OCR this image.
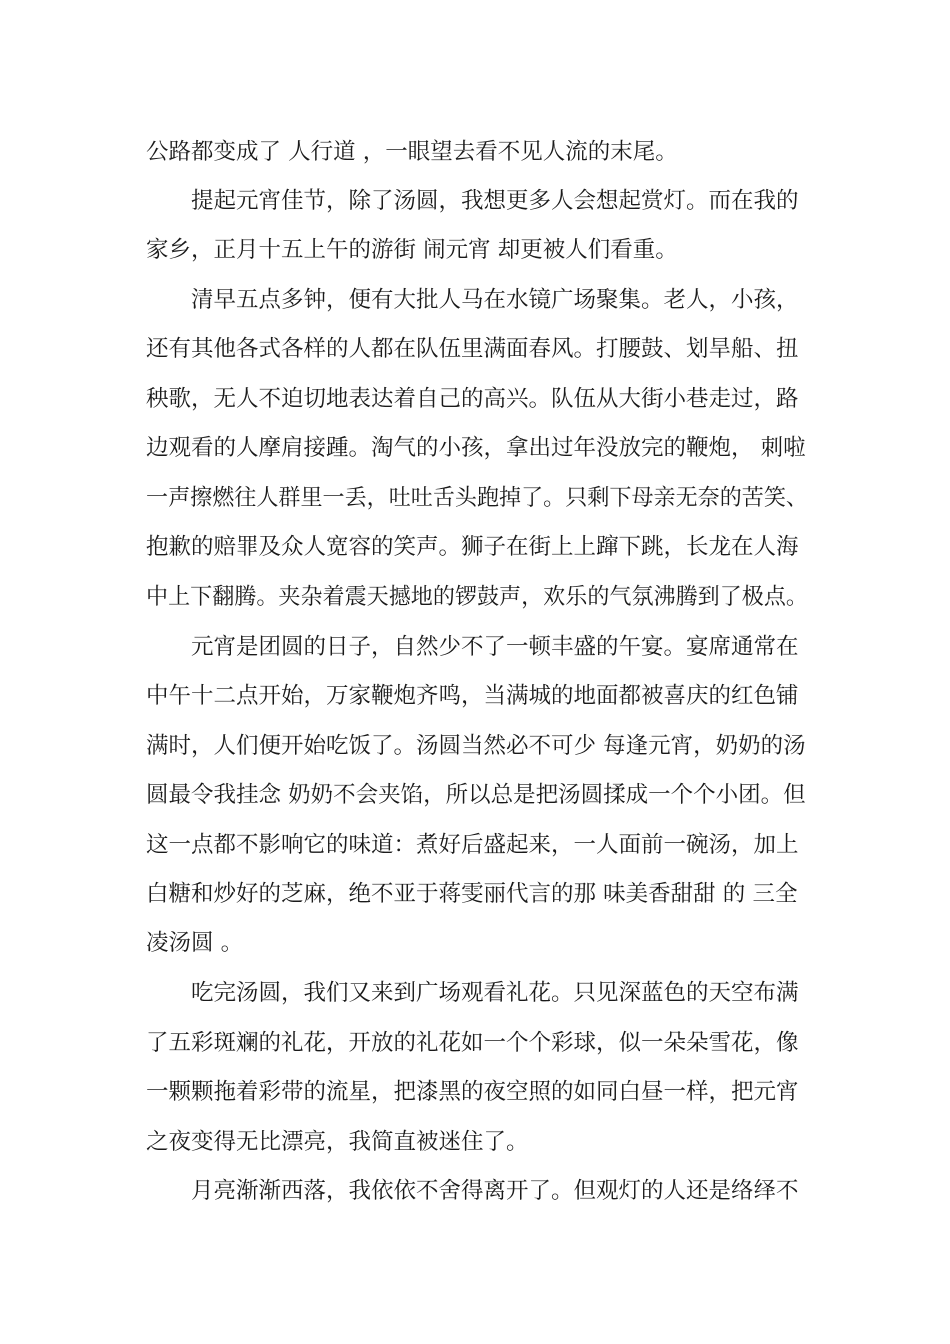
公路都变成了 人行道 ，一眼望去看不见人流的末尾。

提起元宵佳节，除了汤圆，我想更多人会想起赏灯。而在我的

家乡，正月十五上午的游街 闹元宵 却更被人们看重。

清早五点多钟，便有大批人马在水镜广场聚集。老人，小孩，

还有其他各式各样的人都在队伍里满面春风。打腰鼓、划旱船、扭

秧歌，无人不迫切地表达着自己的高兴。队伍从大街小巷走过，路

边观看的人摩肩接踵。淘气的小孩，拿出过年没放完的鞭炮， 刺啦

一声擦燃往人群里一丢，吐吐舌头跑掉了。只剩下母亲无奈的苦笑、

抱歉的赔罪及众人宽容的笑声。狮子在街上上蹿下跳，长龙在人海

中上下翻腾。夹杂着震天撼地的锣鼓声，欢乐的气氛沸腾到了极点。

元宵是团圆的日子，自然少不了一顿丰盛的午宴。宴席通常在

中午十二点开始，万家鞭炮齐鸣，当满城的地面都被喜庆的红色铺

满时，人们便开始吃饭了。汤圆当然必不可少 每逢元宵，奶奶的汤

圆最令我挂念 奶奶不会夹馅，所以总是把汤圆揉成一个个小团。但

这一点都不影响它的味道：煮好后盛起来，一人面前一碗汤，加上

白糖和炒好的芝麻，绝不亚于蒋雯丽代言的那 味美香甜甜 的 三全

凌汤圆 。

吃完汤圆，我们又来到广场观看礼花。只见深蓝色的天空布满

了五彩斑斓的礼花，开放的礼花如一个个彩球，似一朵朵雪花，像

一颗颗拖着彩带的流星，把漆黑的夜空照的如同白昼一样，把元宵

之夜变得无比漂亮，我简直被迷住了。

月亮渐渐西落，我依依不舍得离开了。但观灯的人还是络绎不
